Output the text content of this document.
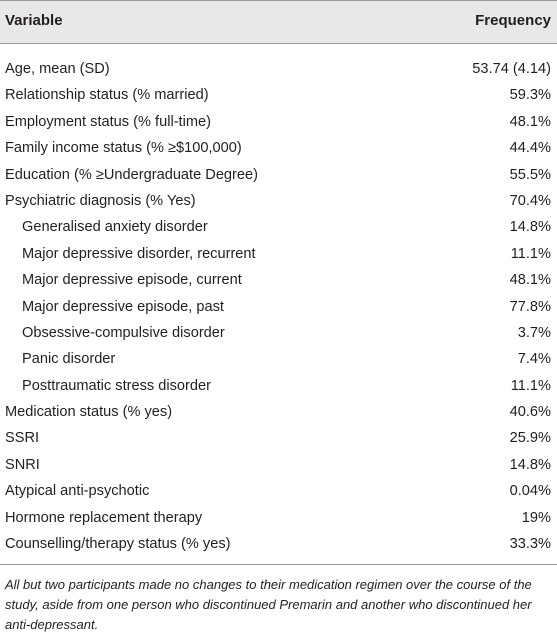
Variable	Frequency
Age, mean (SD)	53.74 (4.14)
Relationship status (% married)	59.3%
Employment status (% full-time)	48.1%
Family income status (% ≥$100,000)	44.4%
Education (% ≥Undergraduate Degree)	55.5%
Psychiatric diagnosis (% Yes)	70.4%
Generalised anxiety disorder	14.8%
Major depressive disorder, recurrent	11.1%
Major depressive episode, current	48.1%
Major depressive episode, past	77.8%
Obsessive-compulsive disorder	3.7%
Panic disorder	7.4%
Posttraumatic stress disorder	11.1%
Medication status (% yes)	40.6%
SSRI	25.9%
SNRI	14.8%
Atypical anti-psychotic	0.04%
Hormone replacement therapy	19%
Counselling/therapy status (% yes)	33.3%
All but two participants made no changes to their medication regimen over the course of the study, aside from one person who discontinued Premarin and another who discontinued her anti-depressant.
